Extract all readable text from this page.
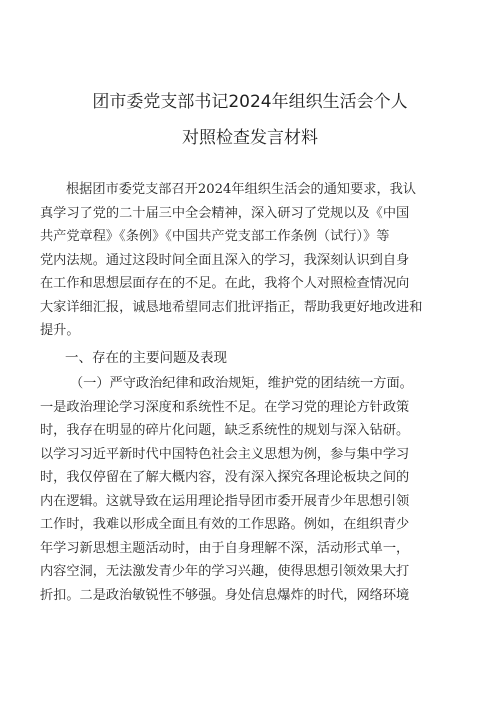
团市委党支部书记2024年组织生活会个人
对照检查发言材料
根据团市委党支部召开2024年组织生活会的通知要求，我认
真学习了党的二十届三中全会精神，深入研习了党规以及《中国
共产党章程》《条例》《中国共产党支部工作条例（试行）》等
党内法规。通过这段时间全面且深入的学习，我深刻认识到自身
在工作和思想层面存在的不足。在此，我将个人对照检查情况向
大家详细汇报，诚恳地希望同志们批评指正，帮助我更好地改进和
提升。
一、存在的主要问题及表现
（一）严守政治纪律和政治规矩，维护党的团结统一方面。
一是政治理论学习深度和系统性不足。在学习党的理论方针政策
时，我存在明显的碎片化问题，缺乏系统性的规划与深入钻研。
以学习习近平新时代中国特色社会主义思想为例，参与集中学习
时，我仅停留在了解大概内容，没有深入探究各理论板块之间的
内在逻辑。这就导致在运用理论指导团市委开展青少年思想引领
工作时，我难以形成全面且有效的工作思路。例如，在组织青少
年学习新思想主题活动时，由于自身理解不深，活动形式单一，
内容空洞，无法激发青少年的学习兴趣，使得思想引领效果大打
折扣。二是政治敏锐性不够强。身处信息爆炸的时代，网络环境
